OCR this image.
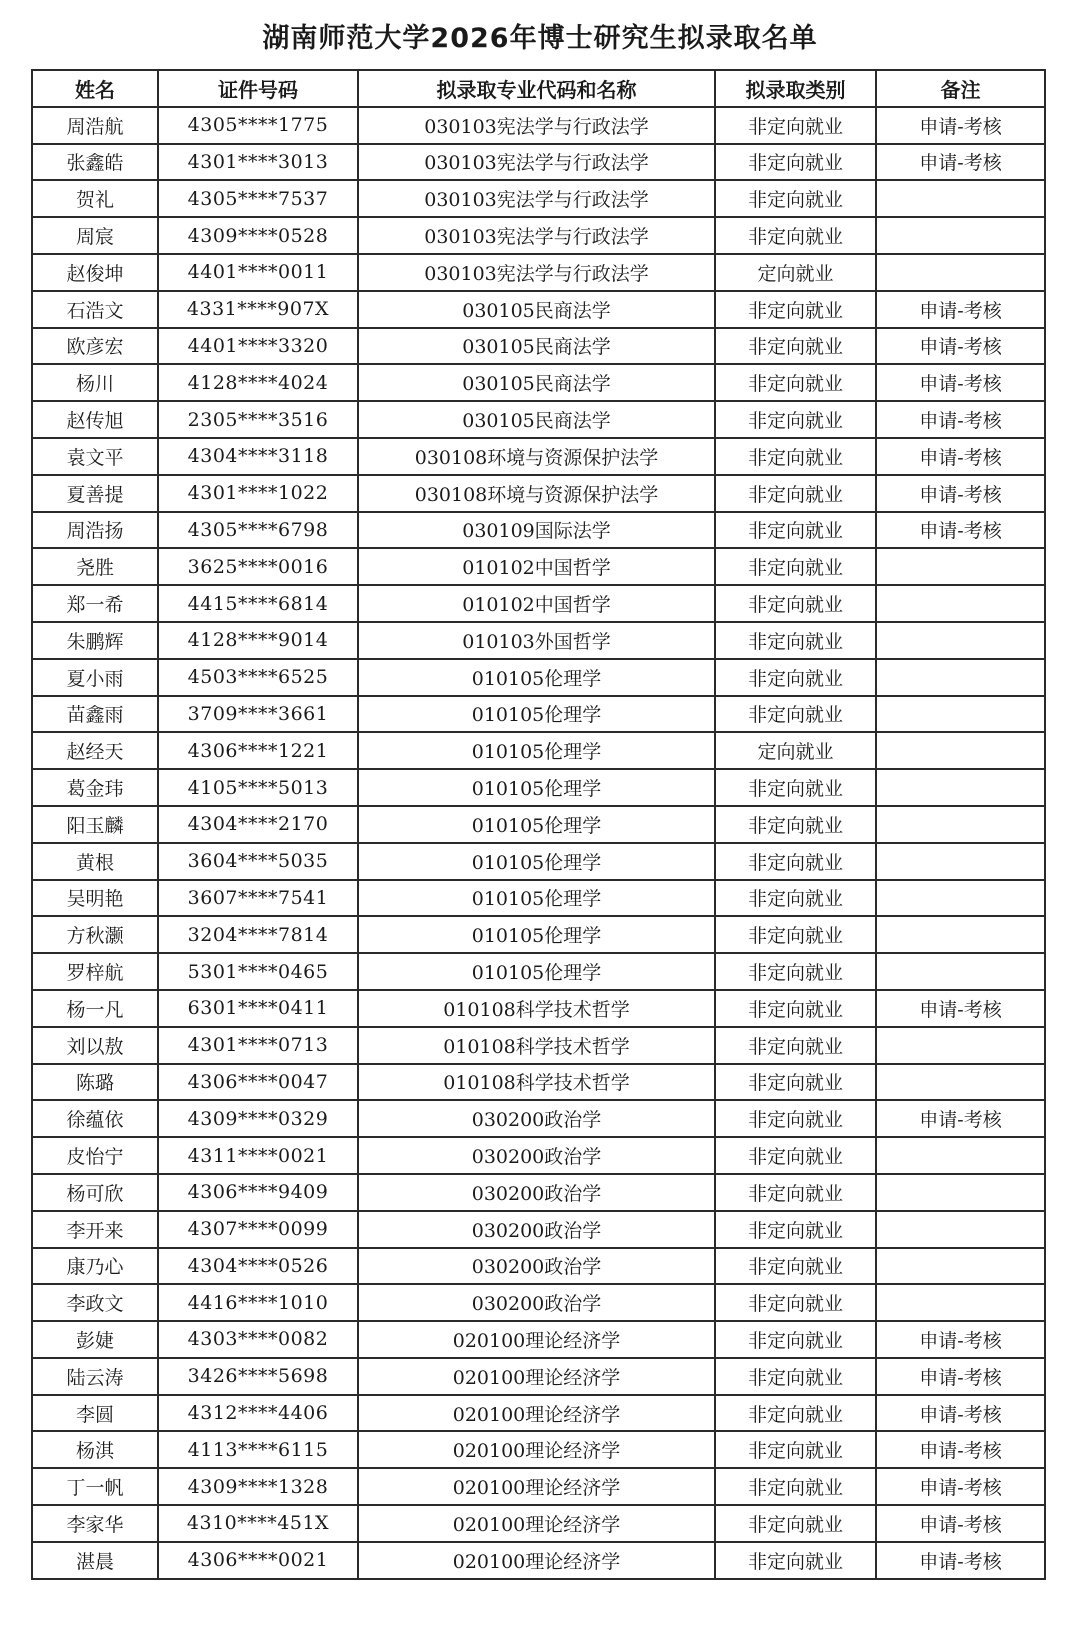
湖南师范大学2026年博士研究生拟录取名单
姓名	证件号码	拟录取专业代码和名称	拟录取类别	备注
周浩航	4305****1775	030103宪法学与行政法学	非定向就业	申请-考核
张鑫皓	4301****3013	030103宪法学与行政法学	非定向就业	申请-考核
贺礼	4305****7537	030103宪法学与行政法学	非定向就业	
周宸	4309****0528	030103宪法学与行政法学	非定向就业	
赵俊坤	4401****0011	030103宪法学与行政法学	定向就业	
石浩文	4331****907X	030105民商法学	非定向就业	申请-考核
欧彦宏	4401****3320	030105民商法学	非定向就业	申请-考核
杨川	4128****4024	030105民商法学	非定向就业	申请-考核
赵传旭	2305****3516	030105民商法学	非定向就业	申请-考核
袁文平	4304****3118	030108环境与资源保护法学	非定向就业	申请-考核
夏善提	4301****1022	030108环境与资源保护法学	非定向就业	申请-考核
周浩扬	4305****6798	030109国际法学	非定向就业	申请-考核
尧胜	3625****0016	010102中国哲学	非定向就业	
郑一希	4415****6814	010102中国哲学	非定向就业	
朱鹏辉	4128****9014	010103外国哲学	非定向就业	
夏小雨	4503****6525	010105伦理学	非定向就业	
苗鑫雨	3709****3661	010105伦理学	非定向就业	
赵经天	4306****1221	010105伦理学	定向就业	
葛金玮	4105****5013	010105伦理学	非定向就业	
阳玉麟	4304****2170	010105伦理学	非定向就业	
黄根	3604****5035	010105伦理学	非定向就业	
吴明艳	3607****7541	010105伦理学	非定向就业	
方秋灏	3204****7814	010105伦理学	非定向就业	
罗梓航	5301****0465	010105伦理学	非定向就业	
杨一凡	6301****0411	010108科学技术哲学	非定向就业	申请-考核
刘以敖	4301****0713	010108科学技术哲学	非定向就业	
陈璐	4306****0047	010108科学技术哲学	非定向就业	
徐蕴依	4309****0329	030200政治学	非定向就业	申请-考核
皮怡宁	4311****0021	030200政治学	非定向就业	
杨可欣	4306****9409	030200政治学	非定向就业	
李开来	4307****0099	030200政治学	非定向就业	
康乃心	4304****0526	030200政治学	非定向就业	
李政文	4416****1010	030200政治学	非定向就业	
彭婕	4303****0082	020100理论经济学	非定向就业	申请-考核
陆云涛	3426****5698	020100理论经济学	非定向就业	申请-考核
李圆	4312****4406	020100理论经济学	非定向就业	申请-考核
杨淇	4113****6115	020100理论经济学	非定向就业	申请-考核
丁一帆	4309****1328	020100理论经济学	非定向就业	申请-考核
李家华	4310****451X	020100理论经济学	非定向就业	申请-考核
湛晨	4306****0021	020100理论经济学	非定向就业	申请-考核
